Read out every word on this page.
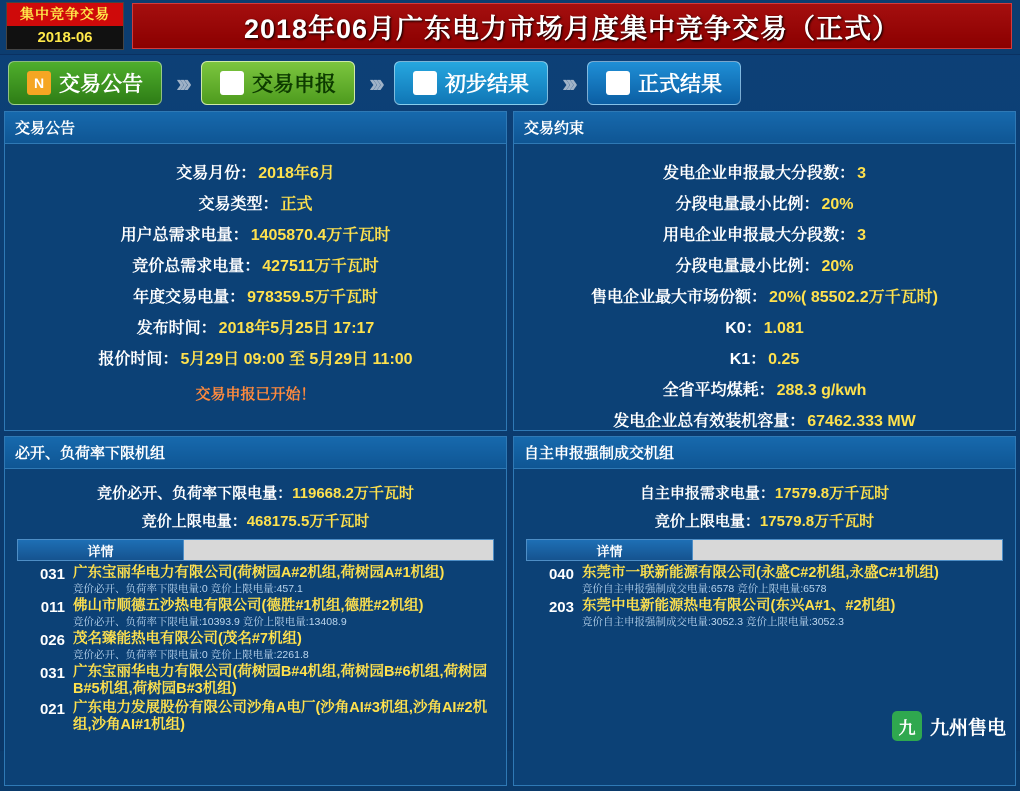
集中竞争交易
2018-06	2018年06月广东电力市场月度集中竞争交易（正式）
N 交易公告 ›››	▤ 交易申报 ›››	⚑ 初步结果 ›››	⚑ 正式结果
交易公告
交易月份 ： 2018年6月
交易类型 ： 正式
用户总需求电量 ： 1405870.4万千瓦时
竞价总需求电量 ： 427511万千瓦时
年度交易电量 ： 978359.5万千瓦时
发布时间 ： 2018年5月25日 17:17
报价时间 ： 5月29日 09:00 至 5月29日 11:00
交易申报已开始！
必开、负荷率下限机组
竞价必开、负荷率下限电量：119668.2万千瓦时
竞价上限电量：468175.5万千瓦时
详情
031 广东宝丽华电力有限公司(荷树园A#2机组,荷树园A#1机组)
竞价必开、负荷率下限电量:0 竞价上限电量:457.1
011 佛山市顺德五沙热电有限公司(德胜#1机组,德胜#2机组)
竞价必开、负荷率下限电量:10393.9 竞价上限电量:13408.9
026 茂名臻能热电有限公司(茂名#7机组)
竞价必开、负荷率下限电量:0 竞价上限电量:2261.8
031 广东宝丽华电力有限公司(荷树园B#4机组,荷树园B#6机组,荷树园B#5机组,荷树园B#3机组)
021 广东电力发展股份有限公司沙角A电厂(沙角AI#3机组,沙角AI#2机组,沙角AI#1机组)
交易约束
发电企业申报最大分段数 ： 3
分段电量最小比例 ： 20%
用电企业申报最大分段数 ： 3
分段电量最小比例 ： 20%
售电企业最大市场份额 ： 20%( 85502.2万千瓦时)
K0 ： 1.081
K1 ： 0.25
全省平均煤耗 ： 288.3 g/kwh
发电企业总有效装机容量 ： 67462.333 MW
自主申报强制成交机组
自主申报需求电量：17579.8万千瓦时
竞价上限电量：17579.8万千瓦时
详情
040 东莞市一联新能源有限公司(永盛C#2机组,永盛C#1机组)
竞价自主申报强制成交电量:6578 竞价上限电量:6578
203 东莞中电新能源热电有限公司(东兴A#1、#2机组)
竞价自主申报强制成交电量:3052.3 竞价上限电量:3052.3
九 九州售电
